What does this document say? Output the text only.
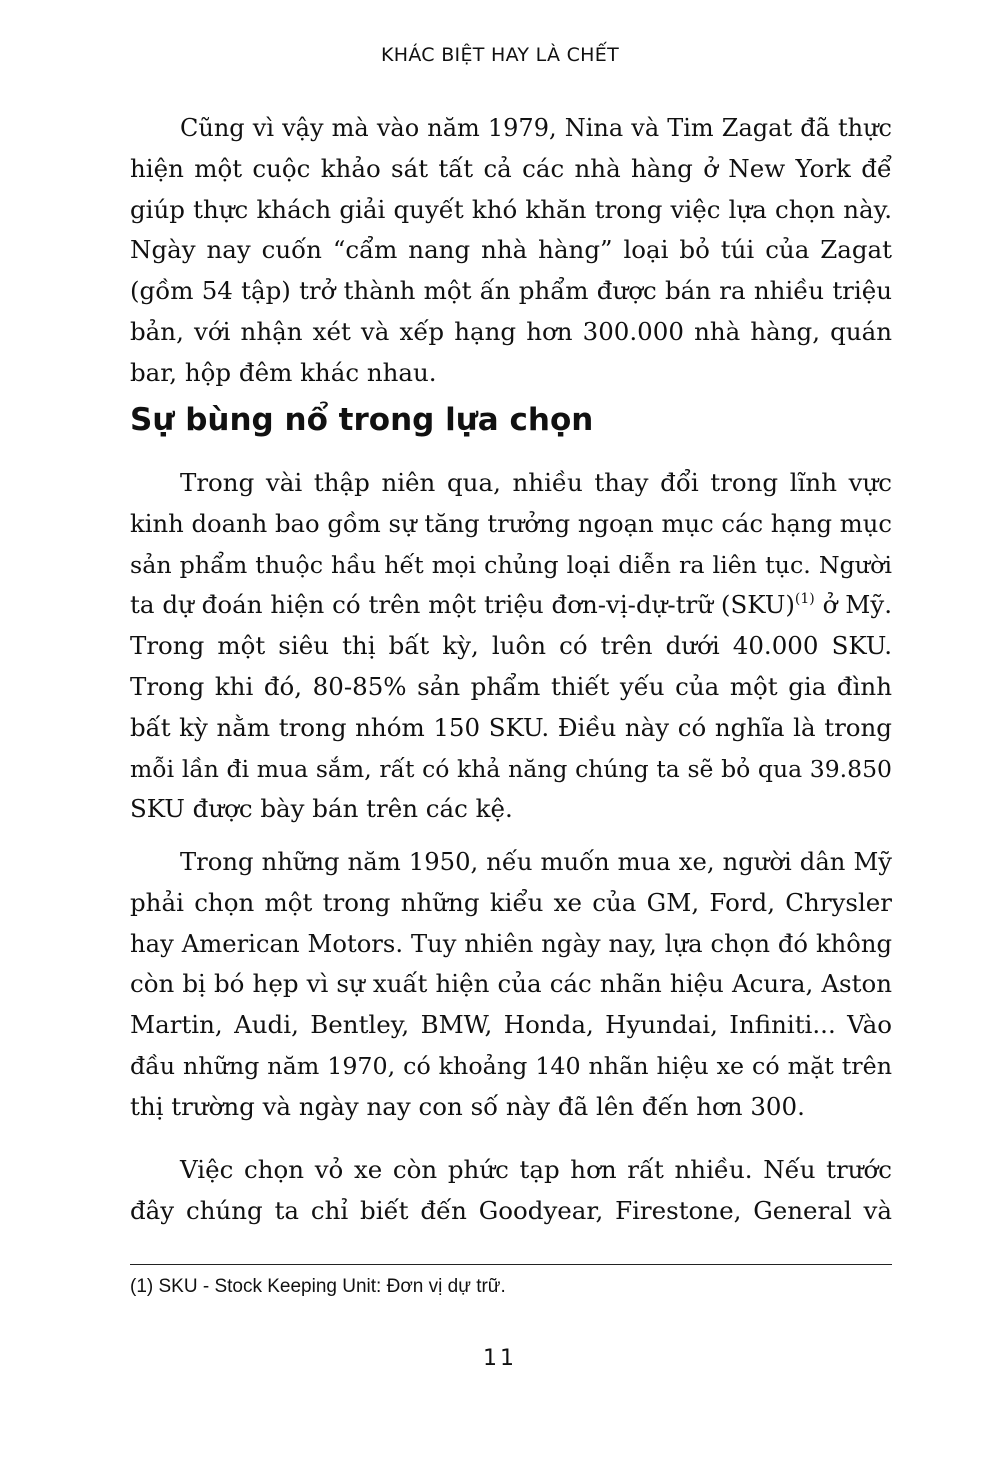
KHÁC BIỆT HAY LÀ CHẾT
Cũng vì vậy mà vào năm 1979, Nina và Tim Zagat đã thực
hiện một cuộc khảo sát tất cả các nhà hàng ở New York để
giúp thực khách giải quyết khó khăn trong việc lựa chọn này.
Ngày nay cuốn “cẩm nang nhà hàng” loại bỏ túi của Zagat
(gồm 54 tập) trở thành một ấn phẩm được bán ra nhiều triệu
bản, với nhận xét và xếp hạng hơn 300.000 nhà hàng, quán
bar, hộp đêm khác nhau.
Sự bùng nổ trong lựa chọn
Trong vài thập niên qua, nhiều thay đổi trong lĩnh vực
kinh doanh bao gồm sự tăng trưởng ngoạn mục các hạng mục
sản phẩm thuộc hầu hết mọi chủng loại diễn ra liên tục. Người
ta dự đoán hiện có trên một triệu đơn-vị-dự-trữ (SKU)$^{(1)}$ ở Mỹ.
Trong một siêu thị bất kỳ, luôn có trên dưới 40.000 SKU.
Trong khi đó, 80-85% sản phẩm thiết yếu của một gia đình
bất kỳ nằm trong nhóm 150 SKU. Điều này có nghĩa là trong
mỗi lần đi mua sắm, rất có khả năng chúng ta sẽ bỏ qua 39.850
SKU được bày bán trên các kệ.
Trong những năm 1950, nếu muốn mua xe, người dân Mỹ
phải chọn một trong những kiểu xe của GM, Ford, Chrysler
hay American Motors. Tuy nhiên ngày nay, lựa chọn đó không
còn bị bó hẹp vì sự xuất hiện của các nhãn hiệu Acura, Aston
Martin, Audi, Bentley, BMW, Honda, Hyundai, Infiniti... Vào
đầu những năm 1970, có khoảng 140 nhãn hiệu xe có mặt trên
thị trường và ngày nay con số này đã lên đến hơn 300.
Việc chọn vỏ xe còn phức tạp hơn rất nhiều. Nếu trước
đây chúng ta chỉ biết đến Goodyear, Firestone, General và

(1) SKU - Stock Keeping Unit: Đơn vị dự trữ.

11
